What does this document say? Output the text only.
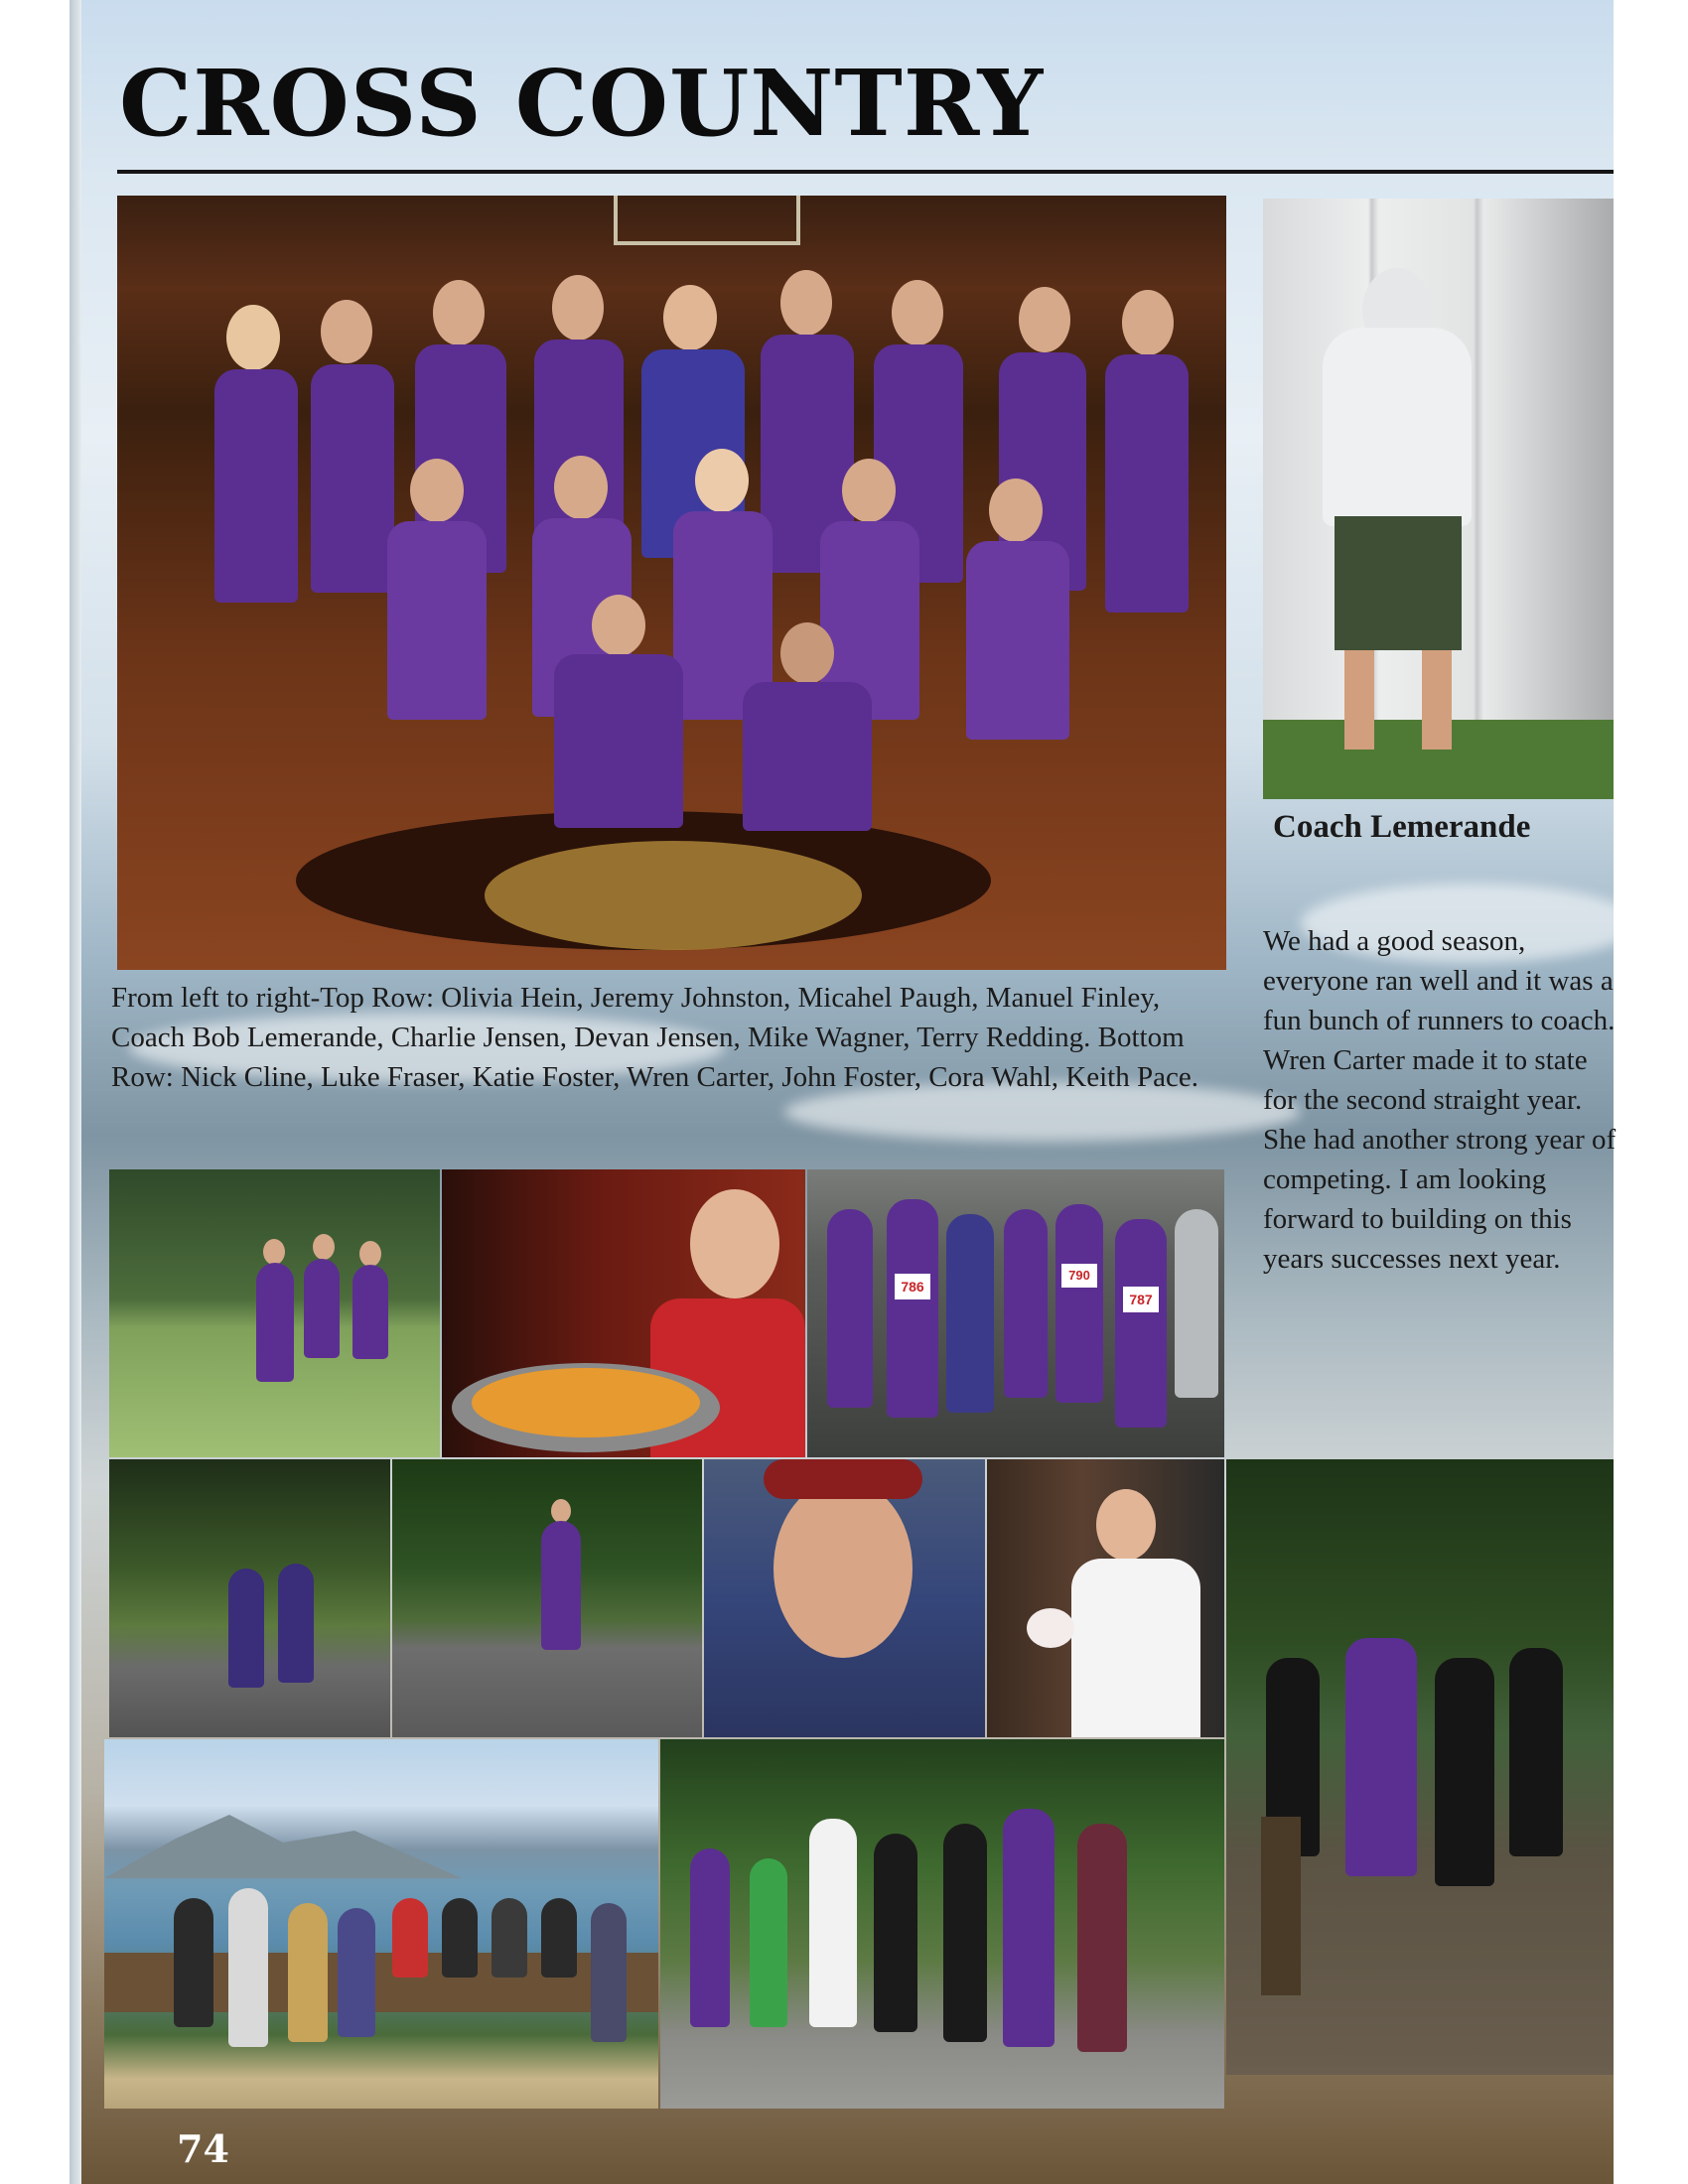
CROSS COUNTRY

From left to right-Top Row: Olivia Hein, Jeremy Johnston, Micahel Paugh, Manuel Finley, Coach Bob Lemerande, Charlie Jensen, Devan Jensen, Mike Wagner, Terry Redding. Bottom Row: Nick Cline, Luke Fraser, Katie Foster, Wren Carter, John Foster, Cora Wahl, Keith Pace.

Coach Lemerande

We had a good season, everyone ran well and it was a fun bunch of runners to coach. Wren Carter made it to state for the second straight year. She had another strong year of competing. I am looking forward to building on this years successes next year.

786
790
787
74
